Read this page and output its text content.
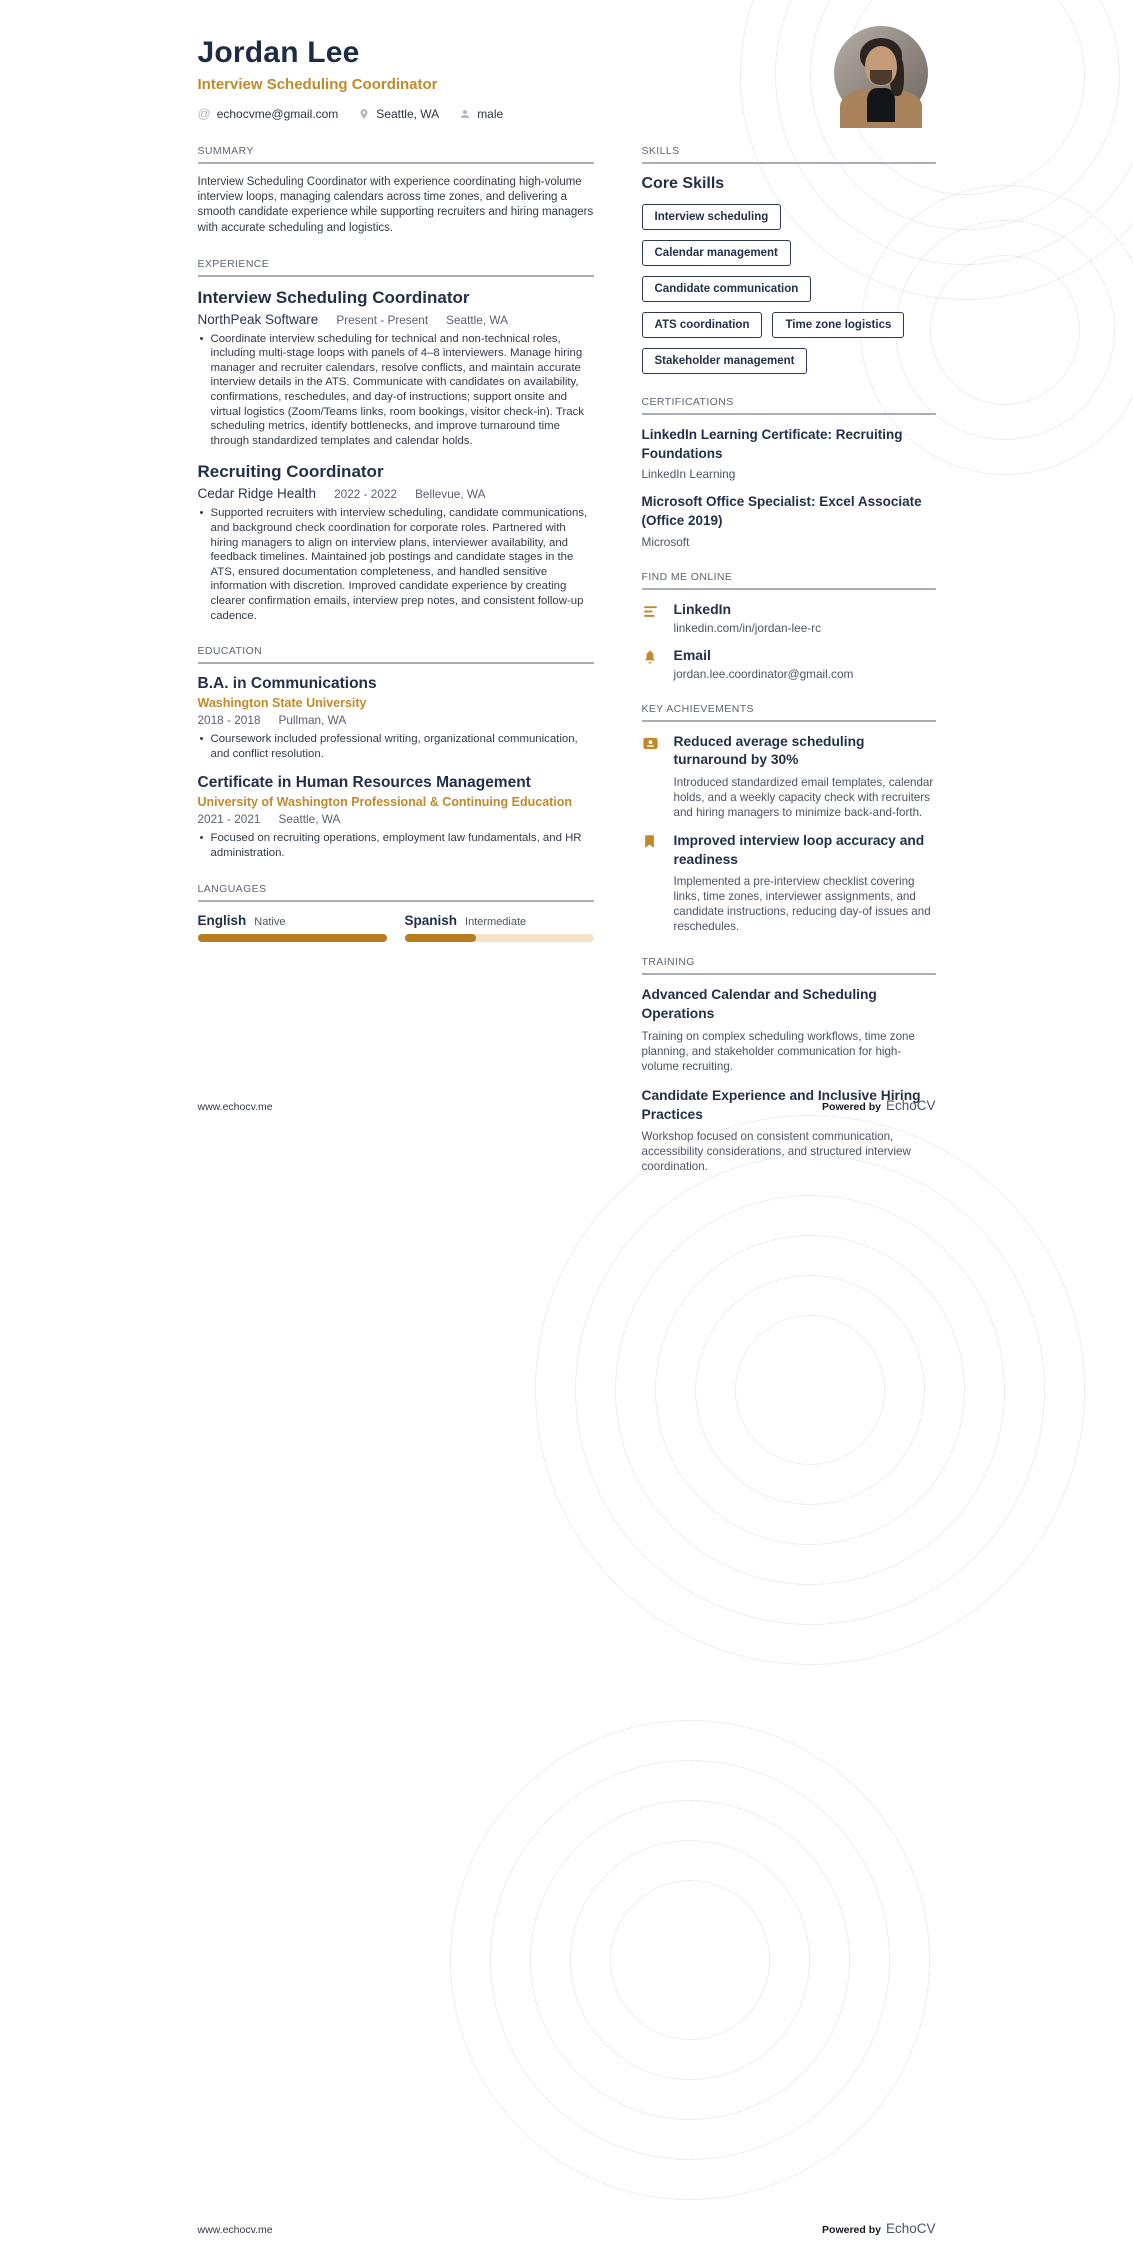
Jordan Lee
Interview Scheduling Coordinator
@ echocvme@gmail.com	Seattle, WA	male
SUMMARY
Interview Scheduling Coordinator with experience coordinating high-volume interview loops, managing calendars across time zones, and delivering a smooth candidate experience while supporting recruiters and hiring managers with accurate scheduling and logistics.
EXPERIENCE
Interview Scheduling Coordinator
NorthPeak Software Present - Present Seattle, WA
• Coordinate interview scheduling for technical and non-technical roles, including multi-stage loops with panels of 4–8 interviewers. Manage hiring manager and recruiter calendars, resolve conflicts, and maintain accurate interview details in the ATS. Communicate with candidates on availability, confirmations, reschedules, and day-of instructions; support onsite and virtual logistics (Zoom/Teams links, room bookings, visitor check-in). Track scheduling metrics, identify bottlenecks, and improve turnaround time through standardized templates and calendar holds.
Recruiting Coordinator
Cedar Ridge Health 2022 - 2022 Bellevue, WA
• Supported recruiters with interview scheduling, candidate communications, and background check coordination for corporate roles. Partnered with hiring managers to align on interview plans, interviewer availability, and feedback timelines. Maintained job postings and candidate stages in the ATS, ensured documentation completeness, and handled sensitive information with discretion. Improved candidate experience by creating clearer confirmation emails, interview prep notes, and consistent follow-up cadence.
EDUCATION
B.A. in Communications
Washington State University
2018 - 2018 Pullman, WA
• Coursework included professional writing, organizational communication, and conflict resolution.
Certificate in Human Resources Management
University of Washington Professional & Continuing Education
2021 - 2021 Seattle, WA
• Focused on recruiting operations, employment law fundamentals, and HR administration.
LANGUAGES
English Native	Spanish Intermediate
SKILLS
Core Skills
Interview scheduling
Calendar management
Candidate communication
ATS coordination	Time zone logistics
Stakeholder management
CERTIFICATIONS
LinkedIn Learning Certificate: Recruiting Foundations
LinkedIn Learning
Microsoft Office Specialist: Excel Associate (Office 2019)
Microsoft
FIND ME ONLINE
LinkedIn
linkedin.com/in/jordan-lee-rc
Email
jordan.lee.coordinator@gmail.com
KEY ACHIEVEMENTS
Reduced average scheduling turnaround by 30%
Introduced standardized email templates, calendar holds, and a weekly capacity check with recruiters and hiring managers to minimize back-and-forth.
Improved interview loop accuracy and readiness
Implemented a pre-interview checklist covering links, time zones, interviewer assignments, and candidate instructions, reducing day-of issues and reschedules.
TRAINING
Advanced Calendar and Scheduling Operations
Training on complex scheduling workflows, time zone planning, and stakeholder communication for high-volume recruiting.
Candidate Experience and Inclusive Hiring Practices
Workshop focused on consistent communication, accessibility considerations, and structured interview coordination.
www.echocv.me	Powered by EchoCV
www.echocv.me	Powered by EchoCV
